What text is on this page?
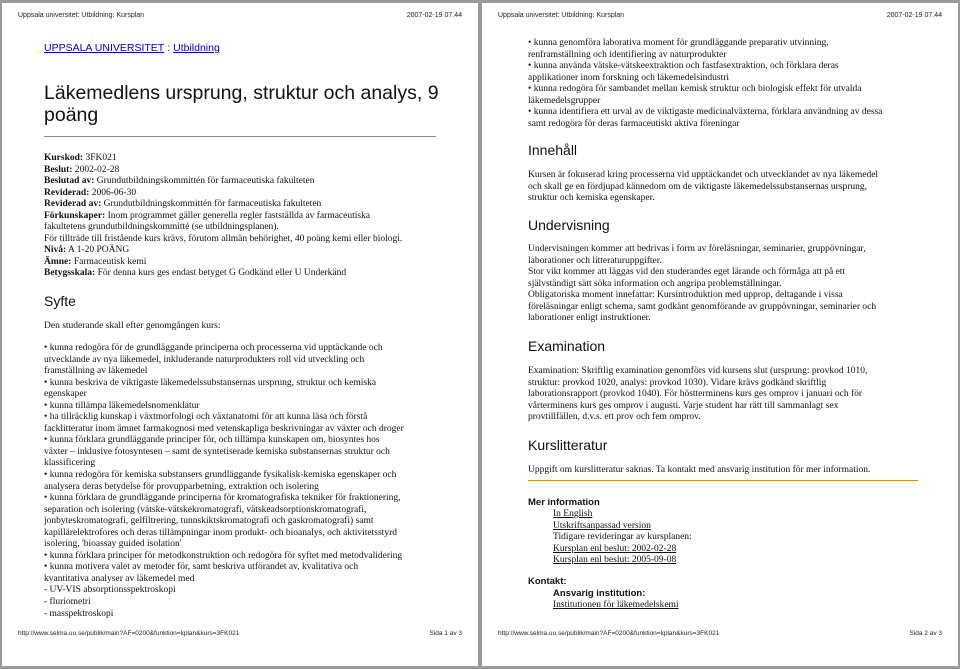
Uppsala universitet: Utbildning: Kursplan	2007-02-19 07.44
UPPSALA UNIVERSITET : Utbildning
Läkemedlens ursprung, struktur och analys, 9 poäng
Kurskod: 3FK021
Beslut: 2002-02-28
Beslutad av: Grundutbildningskommittén för farmaceutiska fakulteten
Reviderad: 2006-06-30
Reviderad av: Grundutbildningskommittén för farmaceutiska fakulteten
Förkunskaper: Inom programmet gäller generella regler fastställda av farmaceutiska
fakultetens grundutbildningskommitté (se utbildningsplanen).
För tillträde till fristående kurs krävs, förutom allmän behörighet, 40 poäng kemi eller biologi.
Nivå: A 1-20 POÄNG
Ämne: Farmaceutisk kemi
Betygsskala: För denna kurs ges endast betyget G Godkänd eller U Underkänd
Syfte
Den studerande skall efter genomgången kurs:
• kunna redogöra för de grundläggande principerna och processerna vid upptäckande och
utvecklande av nya läkemedel, inkluderande naturprodukters roll vid utveckling och
framställning av läkemedel
• kunna beskriva de viktigaste läkemedelssubstansernas ursprung, struktur och kemiska
egenskaper
• kunna tillämpa läkemedelsnomenklatur
• ha tillräcklig kunskap i växtmorfologi och växtanatomi för att kunna läsa och förstå
facklitteratur inom ämnet farmakognosi med vetenskapliga beskrivningar av växter och droger
• kunna förklara grundläggande principer för, och tillämpa kunskapen om, biosyntes hos
växter – inklusive fotosyntesen – samt de syntetiserade kemiska substansernas struktur och
klassificering
• kunna redogöra för kemiska substansers grundläggande fysikalisk-kemiska egenskaper och
analysera deras betydelse för provupparbetning, extraktion och isolering
• kunna förklara de grundläggande principerna för kromatografiska tekniker för fraktionering,
separation och isolering (vätske-vätskekromatografi, vätskeadsorptionskromatografi,
jonbyteskromatografi, gelfiltrering, tunnskiktskromatografi och gaskromatografi) samt
kapillärelektrofores och deras tillämpningar inom produkt- och bioanalys, och aktivitetsstyrd
isolering, 'bioassay guided isolation'
• kunna förklara principer för metodkonstruktion och redogöra för syftet med metodvalidering
• kunna motivera valet av metoder för, samt beskriva utförandet av, kvalitativa och
kvantitativa analyser av läkemedel med
- UV-VIS absorptionsspektroskopi
- fluriometri
- masspektroskopi
http://www.selma.uu.se/publik/main?AF=0200&funktion=kplan&kurs=3FK021	Sida 1 av 3
Uppsala universitet: Utbildning: Kursplan	2007-02-19 07.44
• kunna genomföra laborativa moment för grundläggande preparativ utvinning,
renframställning och identifiering av naturprodukter
• kunna använda vätske-vätskeextraktion och fastfasextraktion, och förklara deras
applikationer inom forskning och läkemedelsindustri
• kunna redogöra för sambandet mellan kemisk struktur och biologisk effekt för utvalda
läkemedelsgrupper
• kunna identifiera ett urval av de viktigaste medicinalväxterna, förklara användning av dessa
samt redogöra för deras farmaceutiskt aktiva föreningar
Innehåll
Kursen är fokuserad kring processerna vid upptäckandet och utvecklandet av nya läkemedel
och skall ge en fördjupad kännedom om de viktigaste läkemedelssubstansernas ursprung,
struktur och kemiska egenskaper.
Undervisning
Undervisningen kommer att bedrivas i form av föreläsningar, seminarier, gruppövningar,
laborationer och litteraturuppgifter.
Stor vikt kommer att läggas vid den studerandes eget lärande och förmåga att på ett
självständigt sätt söka information och angripa problemställningar.
Obligatoriska moment innefattar: Kursintroduktion med upprop, deltagande i vissa
föreläsningar enligt schema, samt godkänt genomförande av gruppövningar, seminarier och
laborationer enligt instruktioner.
Examination
Examination: Skriftlig examination genomförs vid kursens slut (ursprung: provkod 1010,
struktur: provkod 1020, analys: provkod 1030). Vidare krävs godkänd skriftlig
laborationsrapport (provkod 1040). För höstterminens kurs ges omprov i januari och för
vårterminens kurs ges omprov i augusti. Varje student har rätt till sammanlagt sex
provtillfällen, d.v.s. ett prov och fem omprov.
Kurslitteratur
Uppgift om kurslitteratur saknas. Ta kontakt med ansvarig institution för mer information.
Mer information
In English
Utskriftsanpassad version
Tidigare revideringar av kursplanen:
Kursplan enl beslut: 2002-02-28
Kursplan enl beslut: 2005-09-08
Kontakt:
Ansvarig institution:
Institutionen för läkemedelskemi
http://www.selma.uu.se/publik/main?AF=0200&funktion=kplan&kurs=3FK021	Sida 2 av 3
